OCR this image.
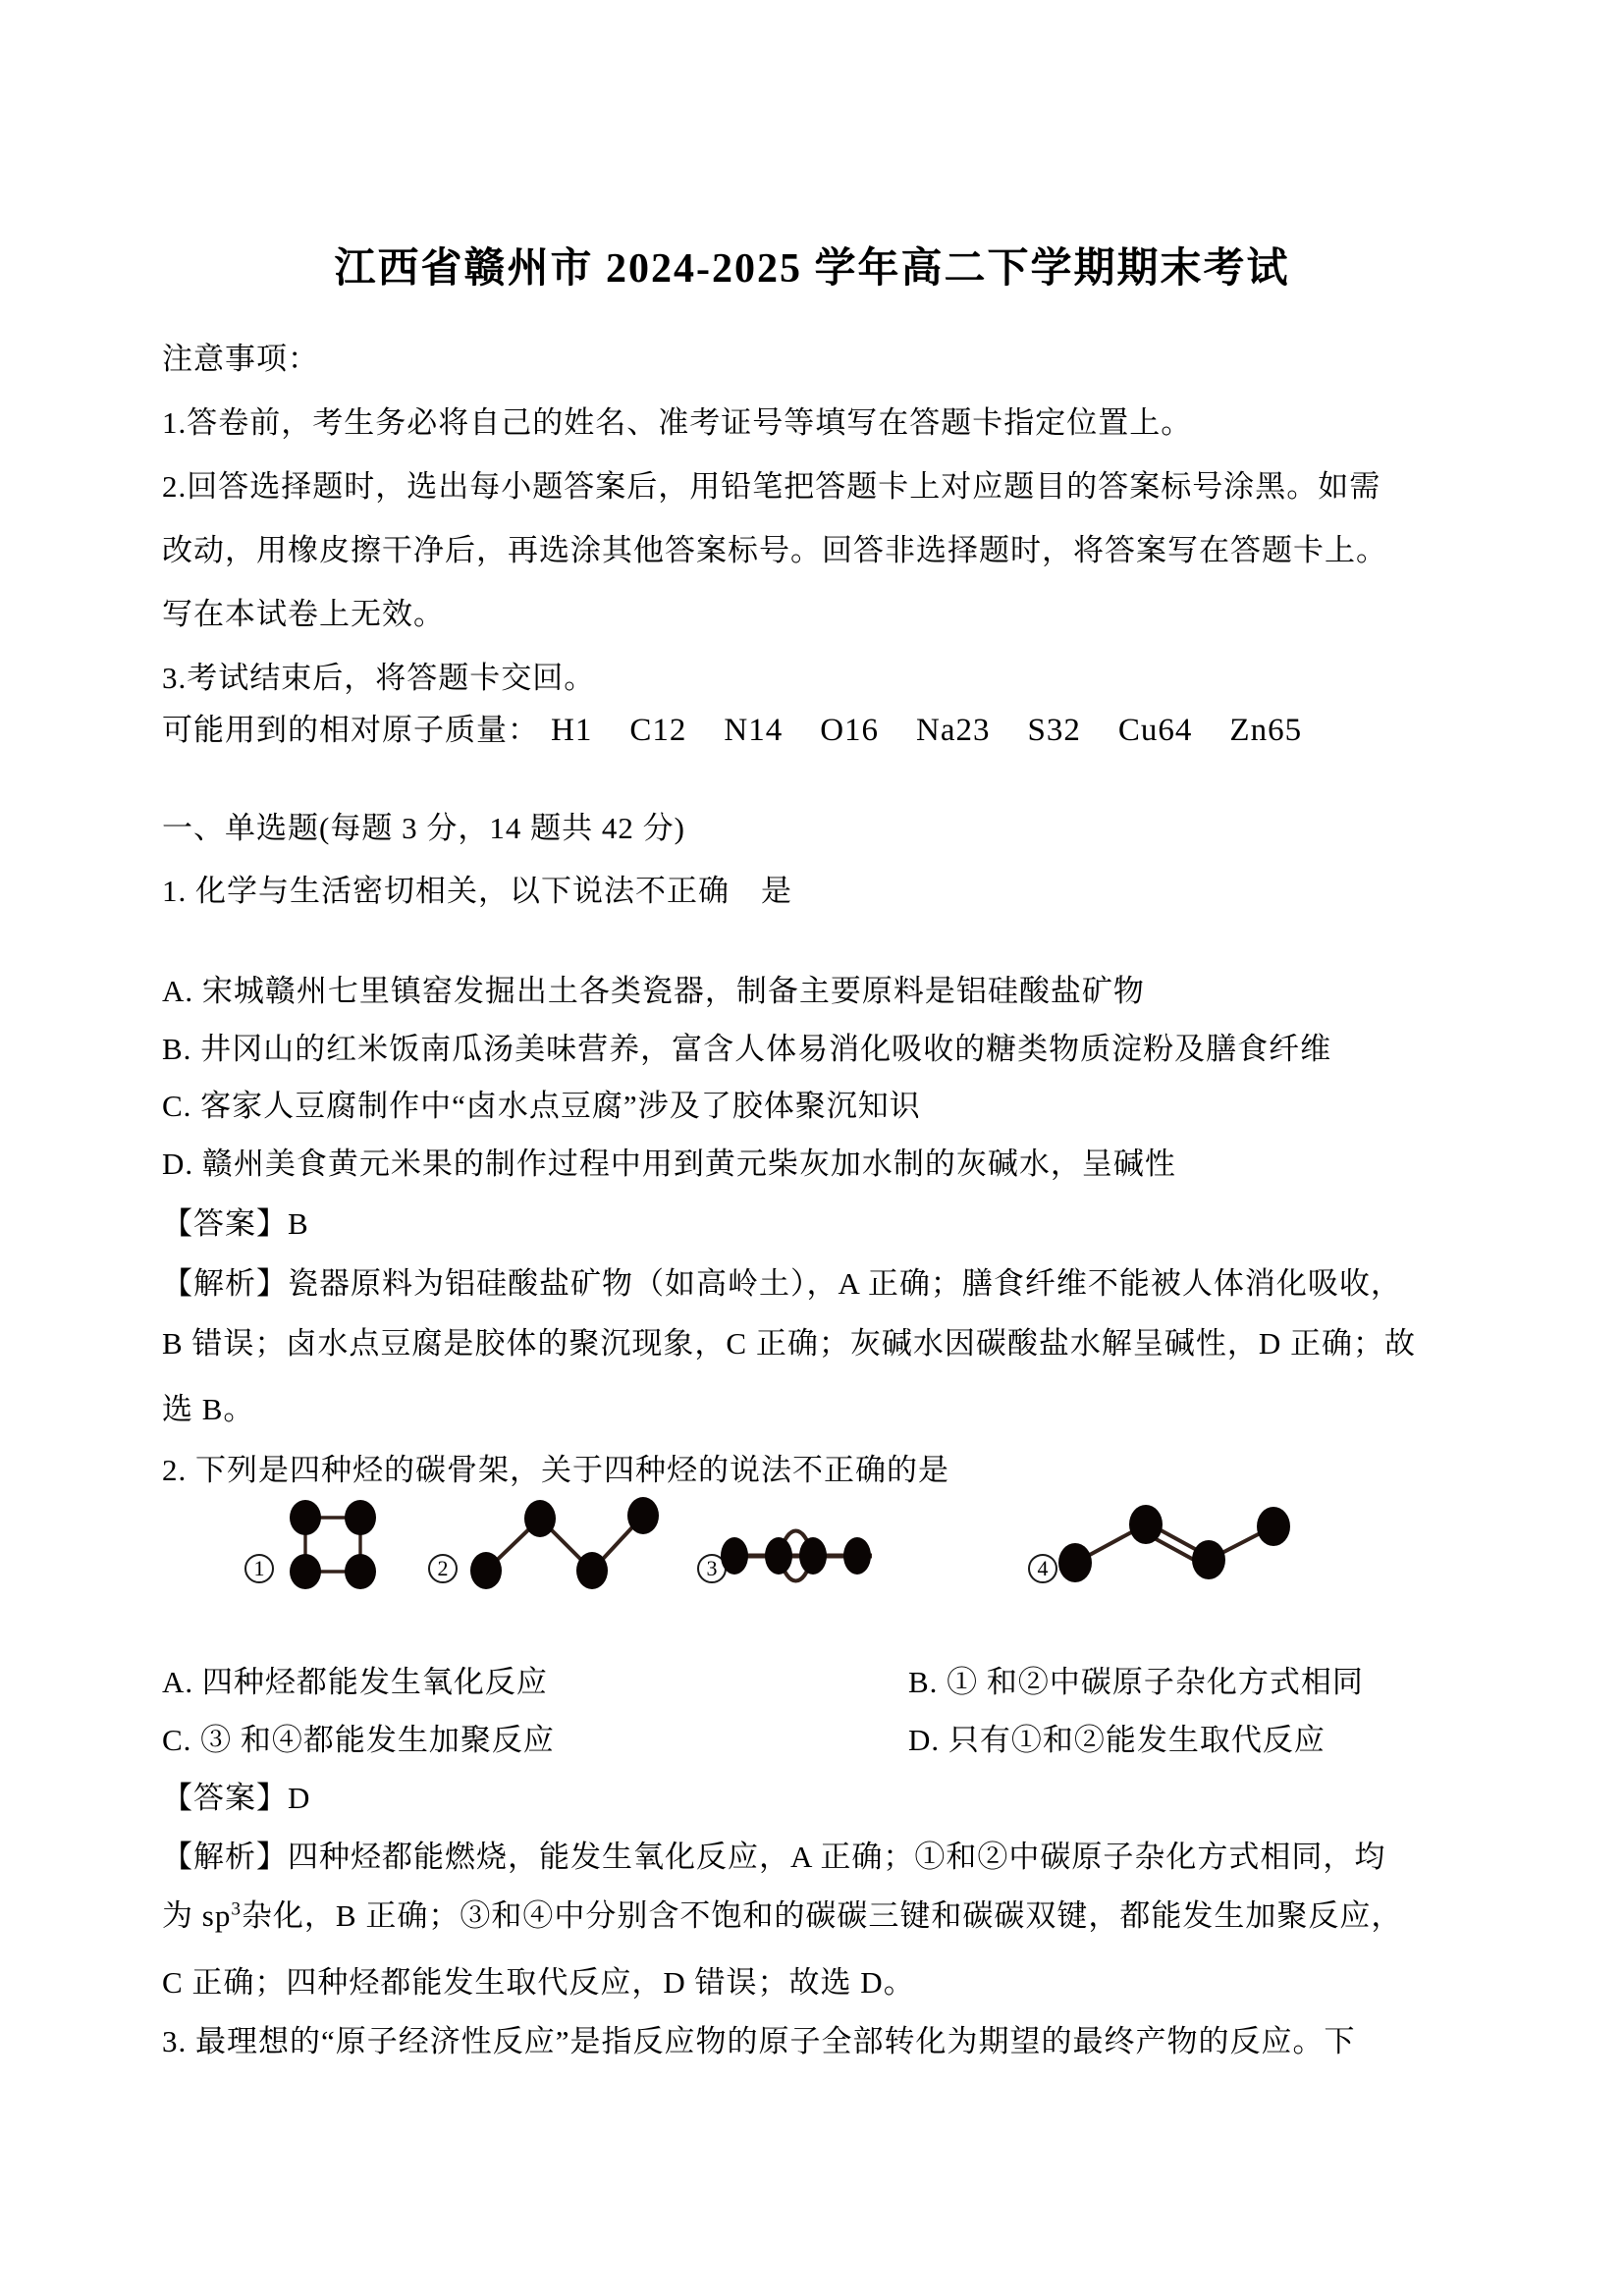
江西省赣州市 2024-2025 学年高二下学期期末考试
注意事项：
1.答卷前，考生务必将自己的姓名、准考证号等填写在答题卡指定位置上。
2.回答选择题时，选出每小题答案后，用铅笔把答题卡上对应题目的答案标号涂黑。如需
改动，用橡皮擦干净后，再选涂其他答案标号。回答非选择题时，将答案写在答题卡上。
写在本试卷上无效。
3.考试结束后，将答题卡交回。
可能用到的相对原子质量： H1 C12 N14 O16 Na23 S32 Cu64 Zn65
一、单选题(每题 3 分，14 题共 42 分)
1. 化学与生活密切相关，以下说法不正确　是
A. 宋城赣州七里镇窑发掘出土各类瓷器，制备主要原料是铝硅酸盐矿物
B. 井冈山的红米饭南瓜汤美味营养，富含人体易消化吸收的糖类物质淀粉及膳食纤维
C. 客家人豆腐制作中“卤水点豆腐”涉及了胶体聚沉知识
D. 赣州美食黄元米果的制作过程中用到黄元柴灰加水制的灰碱水，呈碱性
【答案】B
【解析】瓷器原料为铝硅酸盐矿物（如高岭土），A 正确；膳食纤维不能被人体消化吸收，
B 错误；卤水点豆腐是胶体的聚沉现象，C 正确；灰碱水因碳酸盐水解呈碱性，D 正确；故
选 B。
2. 下列是四种烃的碳骨架，关于四种烃的说法不正确的是
1	2	3	4
A. 四种烃都能发生氧化反应	B. ① 和②中碳原子杂化方式相同
C. ③ 和④都能发生加聚反应	D. 只有①和②能发生取代反应
【答案】D
【解析】四种烃都能燃烧，能发生氧化反应，A 正确；①和②中碳原子杂化方式相同，均
为 $sp^3$杂化，B 正确；③和④中分别含不饱和的碳碳三键和碳碳双键，都能发生加聚反应，
C 正确；四种烃都能发生取代反应，D 错误；故选 D。
3. 最理想的“原子经济性反应”是指反应物的原子全部转化为期望的最终产物的反应。下
